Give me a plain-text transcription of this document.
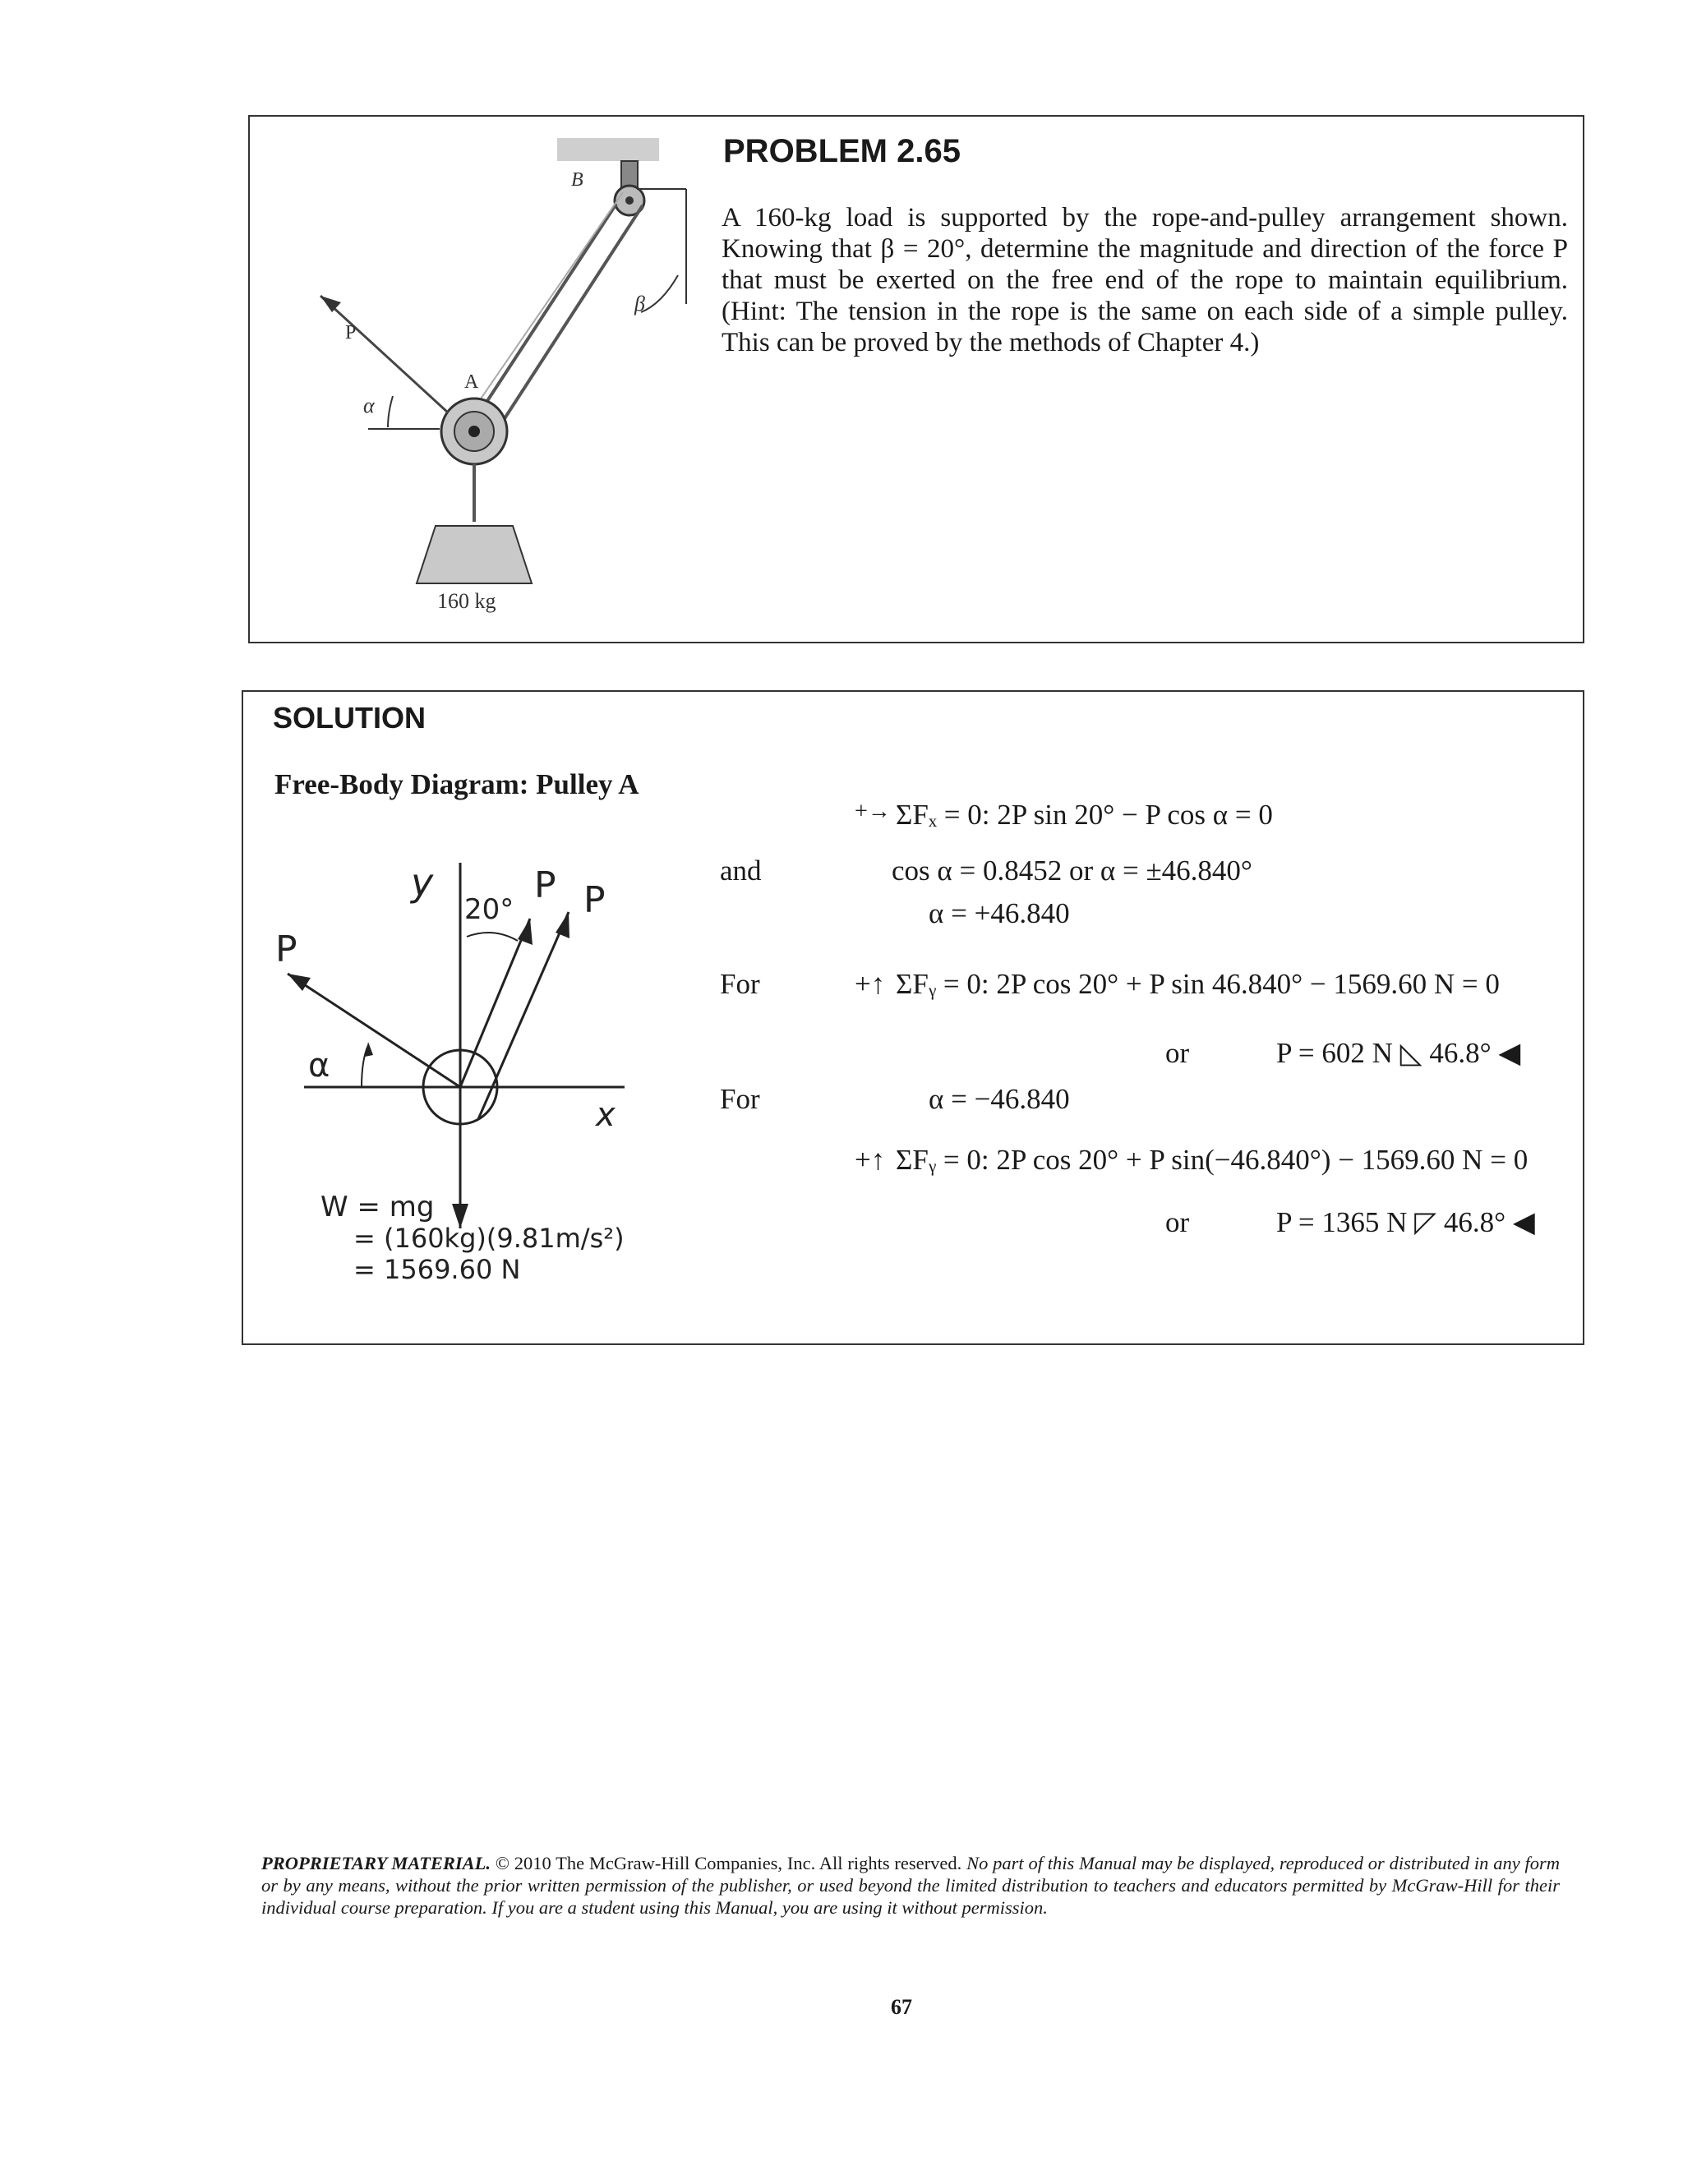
PROBLEM 2.65
A 160-kg load is supported by the rope-and-pulley arrangement shown. Knowing that β = 20°, determine the magnitude and direction of the force P that must be exerted on the free end of the rope to maintain equilibrium. (Hint: The tension in the rope is the same on each side of a simple pulley. This can be proved by the methods of Chapter 4.)
B
β
A
P
α
160 kg
SOLUTION
Free-Body Diagram: Pulley A
y
x
20°
P P
P
α
W = mg
= (160kg)(9.81m/s²)
= 1569.60 N
+→ ΣFₓ = 0: 2P sin 20° − P cos α = 0
and	cos α = 0.8452 or α = ±46.840°
α = +46.840
For	+↑ ΣFᵧ = 0: 2P cos 20° + P sin 46.840° − 1569.60 N = 0
or	P = 602 N ◺ 46.8° ◀
For	α = −46.840
+↑ ΣFᵧ = 0: 2P cos 20° + P sin(−46.840°) − 1569.60 N = 0
or	P = 1365 N ◸ 46.8° ◀
PROPRIETARY MATERIAL. © 2010 The McGraw-Hill Companies, Inc. All rights reserved. No part of this Manual may be displayed, reproduced or distributed in any form or by any means, without the prior written permission of the publisher, or used beyond the limited distribution to teachers and educators permitted by McGraw-Hill for their individual course preparation. If you are a student using this Manual, you are using it without permission.
67
